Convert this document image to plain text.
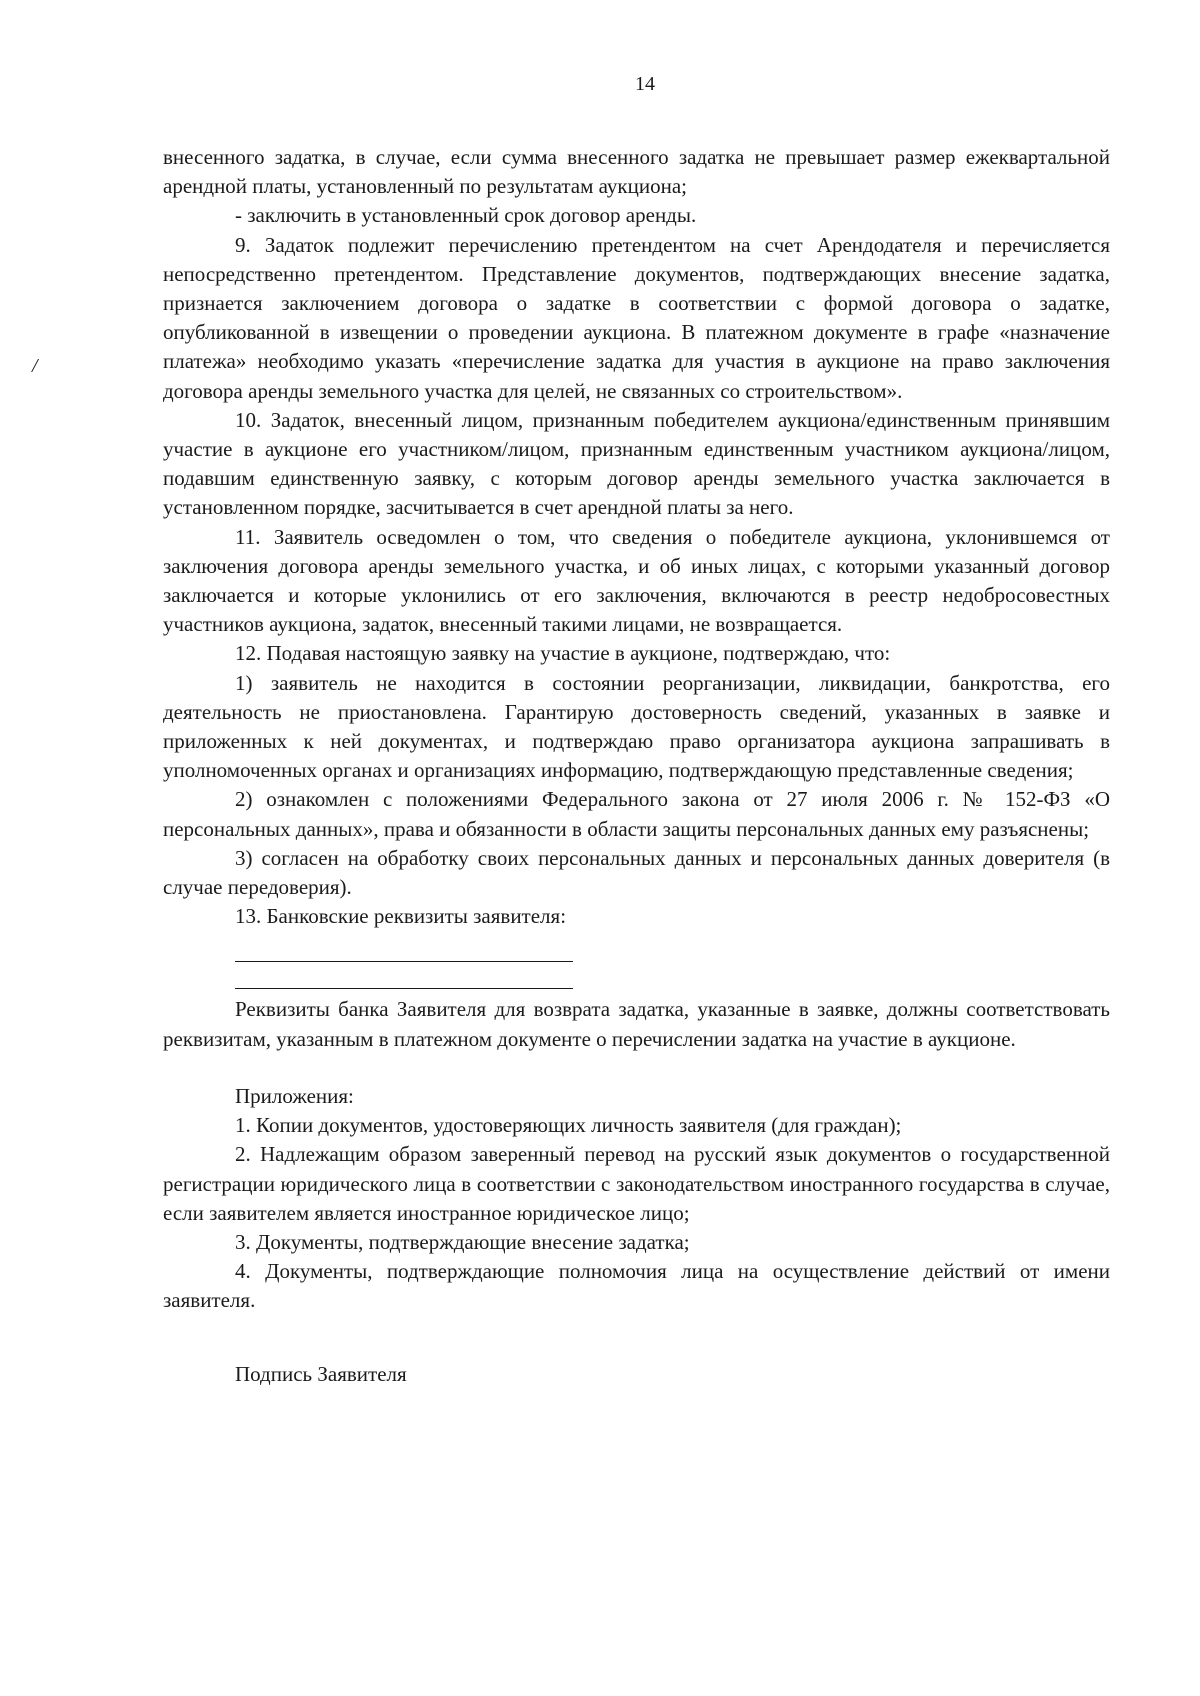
14
/

внесенного задатка, в случае, если сумма внесенного задатка не превышает размер ежеквартальной арендной платы, установленный по результатам аукциона;

- заключить в установленный срок договор аренды.

9. Задаток подлежит перечислению претендентом на счет Арендодателя и перечисляется непосредственно претендентом. Представление документов, подтверждающих внесение задатка, признается заключением договора о задатке в соответствии с формой договора о задатке, опубликованной в извещении о проведении аукциона. В платежном документе в графе «назначение платежа» необходимо указать «перечисление задатка для участия в аукционе на право заключения договора аренды земельного участка для целей, не связанных со строительством».

10. Задаток, внесенный лицом, признанным победителем аукциона/единственным принявшим участие в аукционе его участником/лицом, признанным единственным участником аукциона/лицом, подавшим единственную заявку, с которым договор аренды земельного участка заключается в установленном порядке, засчитывается в счет арендной платы за него.

11. Заявитель осведомлен о том, что сведения о победителе аукциона, уклонившемся от заключения договора аренды земельного участка, и об иных лицах, с которыми указанный договор заключается и которые уклонились от его заключения, включаются в реестр недобросовестных участников аукциона, задаток, внесенный такими лицами, не возвращается.

12. Подавая настоящую заявку на участие в аукционе, подтверждаю, что:

1) заявитель не находится в состоянии реорганизации, ликвидации, банкротства, его деятельность не приостановлена. Гарантирую достоверность сведений, указанных в заявке и приложенных к ней документах, и подтверждаю право организатора аукциона запрашивать в уполномоченных органах и организациях информацию, подтверждающую представленные сведения;

2) ознакомлен с положениями Федерального закона от 27 июля 2006 г. № 152-ФЗ «О персональных данных», права и обязанности в области защиты персональных данных ему разъяснены;

3) согласен на обработку своих персональных данных и персональных данных доверителя (в случае передоверия).

13. Банковские реквизиты заявителя:

Реквизиты банка Заявителя для возврата задатка, указанные в заявке, должны соответствовать реквизитам, указанным в платежном документе о перечислении задатка на участие в аукционе.

Приложения:

1. Копии документов, удостоверяющих личность заявителя (для граждан);

2. Надлежащим образом заверенный перевод на русский язык документов о государственной регистрации юридического лица в соответствии с законодательством иностранного государства в случае, если заявителем является иностранное юридическое лицо;

3. Документы, подтверждающие внесение задатка;

4. Документы, подтверждающие полномочия лица на осуществление действий от имени заявителя.

Подпись Заявителя
